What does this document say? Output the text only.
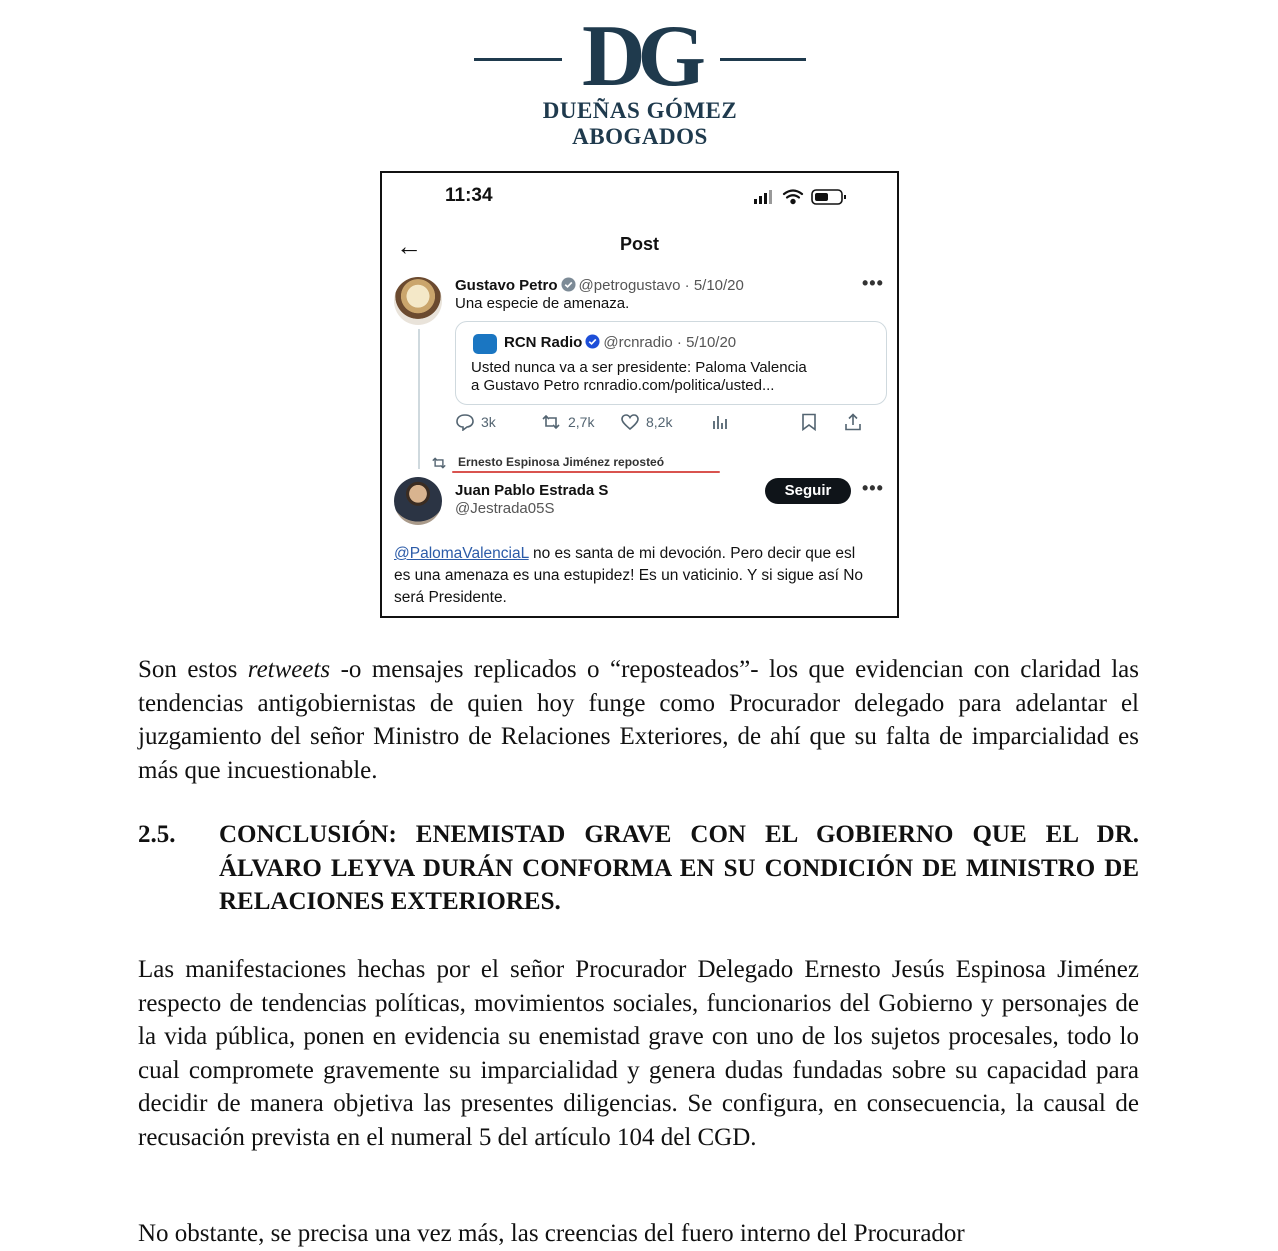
DG
DUEÑAS GÓMEZ ABOGADOS
11:34
←	Post
Gustavo Petro @petrogustavo · 5/10/20	•••
Una especie de amenaza.
RCN Radio @rcnradio · 5/10/20
Usted nunca va a ser presidente: Paloma Valencia
a Gustavo Petro rcnradio.com/politica/usted...
3k	2,7k	8,2k
Ernesto Espinosa Jiménez reposteó
Juan Pablo Estrada S
@Jestrada05S
Seguir	•••
@PalomaValenciaL no es santa de mi devoción. Pero decir que esl es una amenaza es una estupidez! Es un vaticinio. Y si sigue así No será Presidente.
Son estos retweets -o mensajes replicados o “reposteados”- los que evidencian con claridad las tendencias antigobiernistas de quien hoy funge como Procurador delegado para adelantar el juzgamiento del señor Ministro de Relaciones Exteriores, de ahí que su falta de imparcialidad es más que incuestionable.
2.5. CONCLUSIÓN: ENEMISTAD GRAVE CON EL GOBIERNO QUE EL DR. ÁLVARO LEYVA DURÁN CONFORMA EN SU CONDICIÓN DE MINISTRO DE RELACIONES EXTERIORES.
Las manifestaciones hechas por el señor Procurador Delegado Ernesto Jesús Espinosa Jiménez respecto de tendencias políticas, movimientos sociales, funcionarios del Gobierno y personajes de la vida pública, ponen en evidencia su enemistad grave con uno de los sujetos procesales, todo lo cual compromete gravemente su imparcialidad y genera dudas fundadas sobre su capacidad para decidir de manera objetiva las presentes diligencias. Se configura, en consecuencia, la causal de recusación prevista en el numeral 5 del artículo 104 del CGD.
No obstante, se precisa una vez más, las creencias del fuero interno del Procurador
